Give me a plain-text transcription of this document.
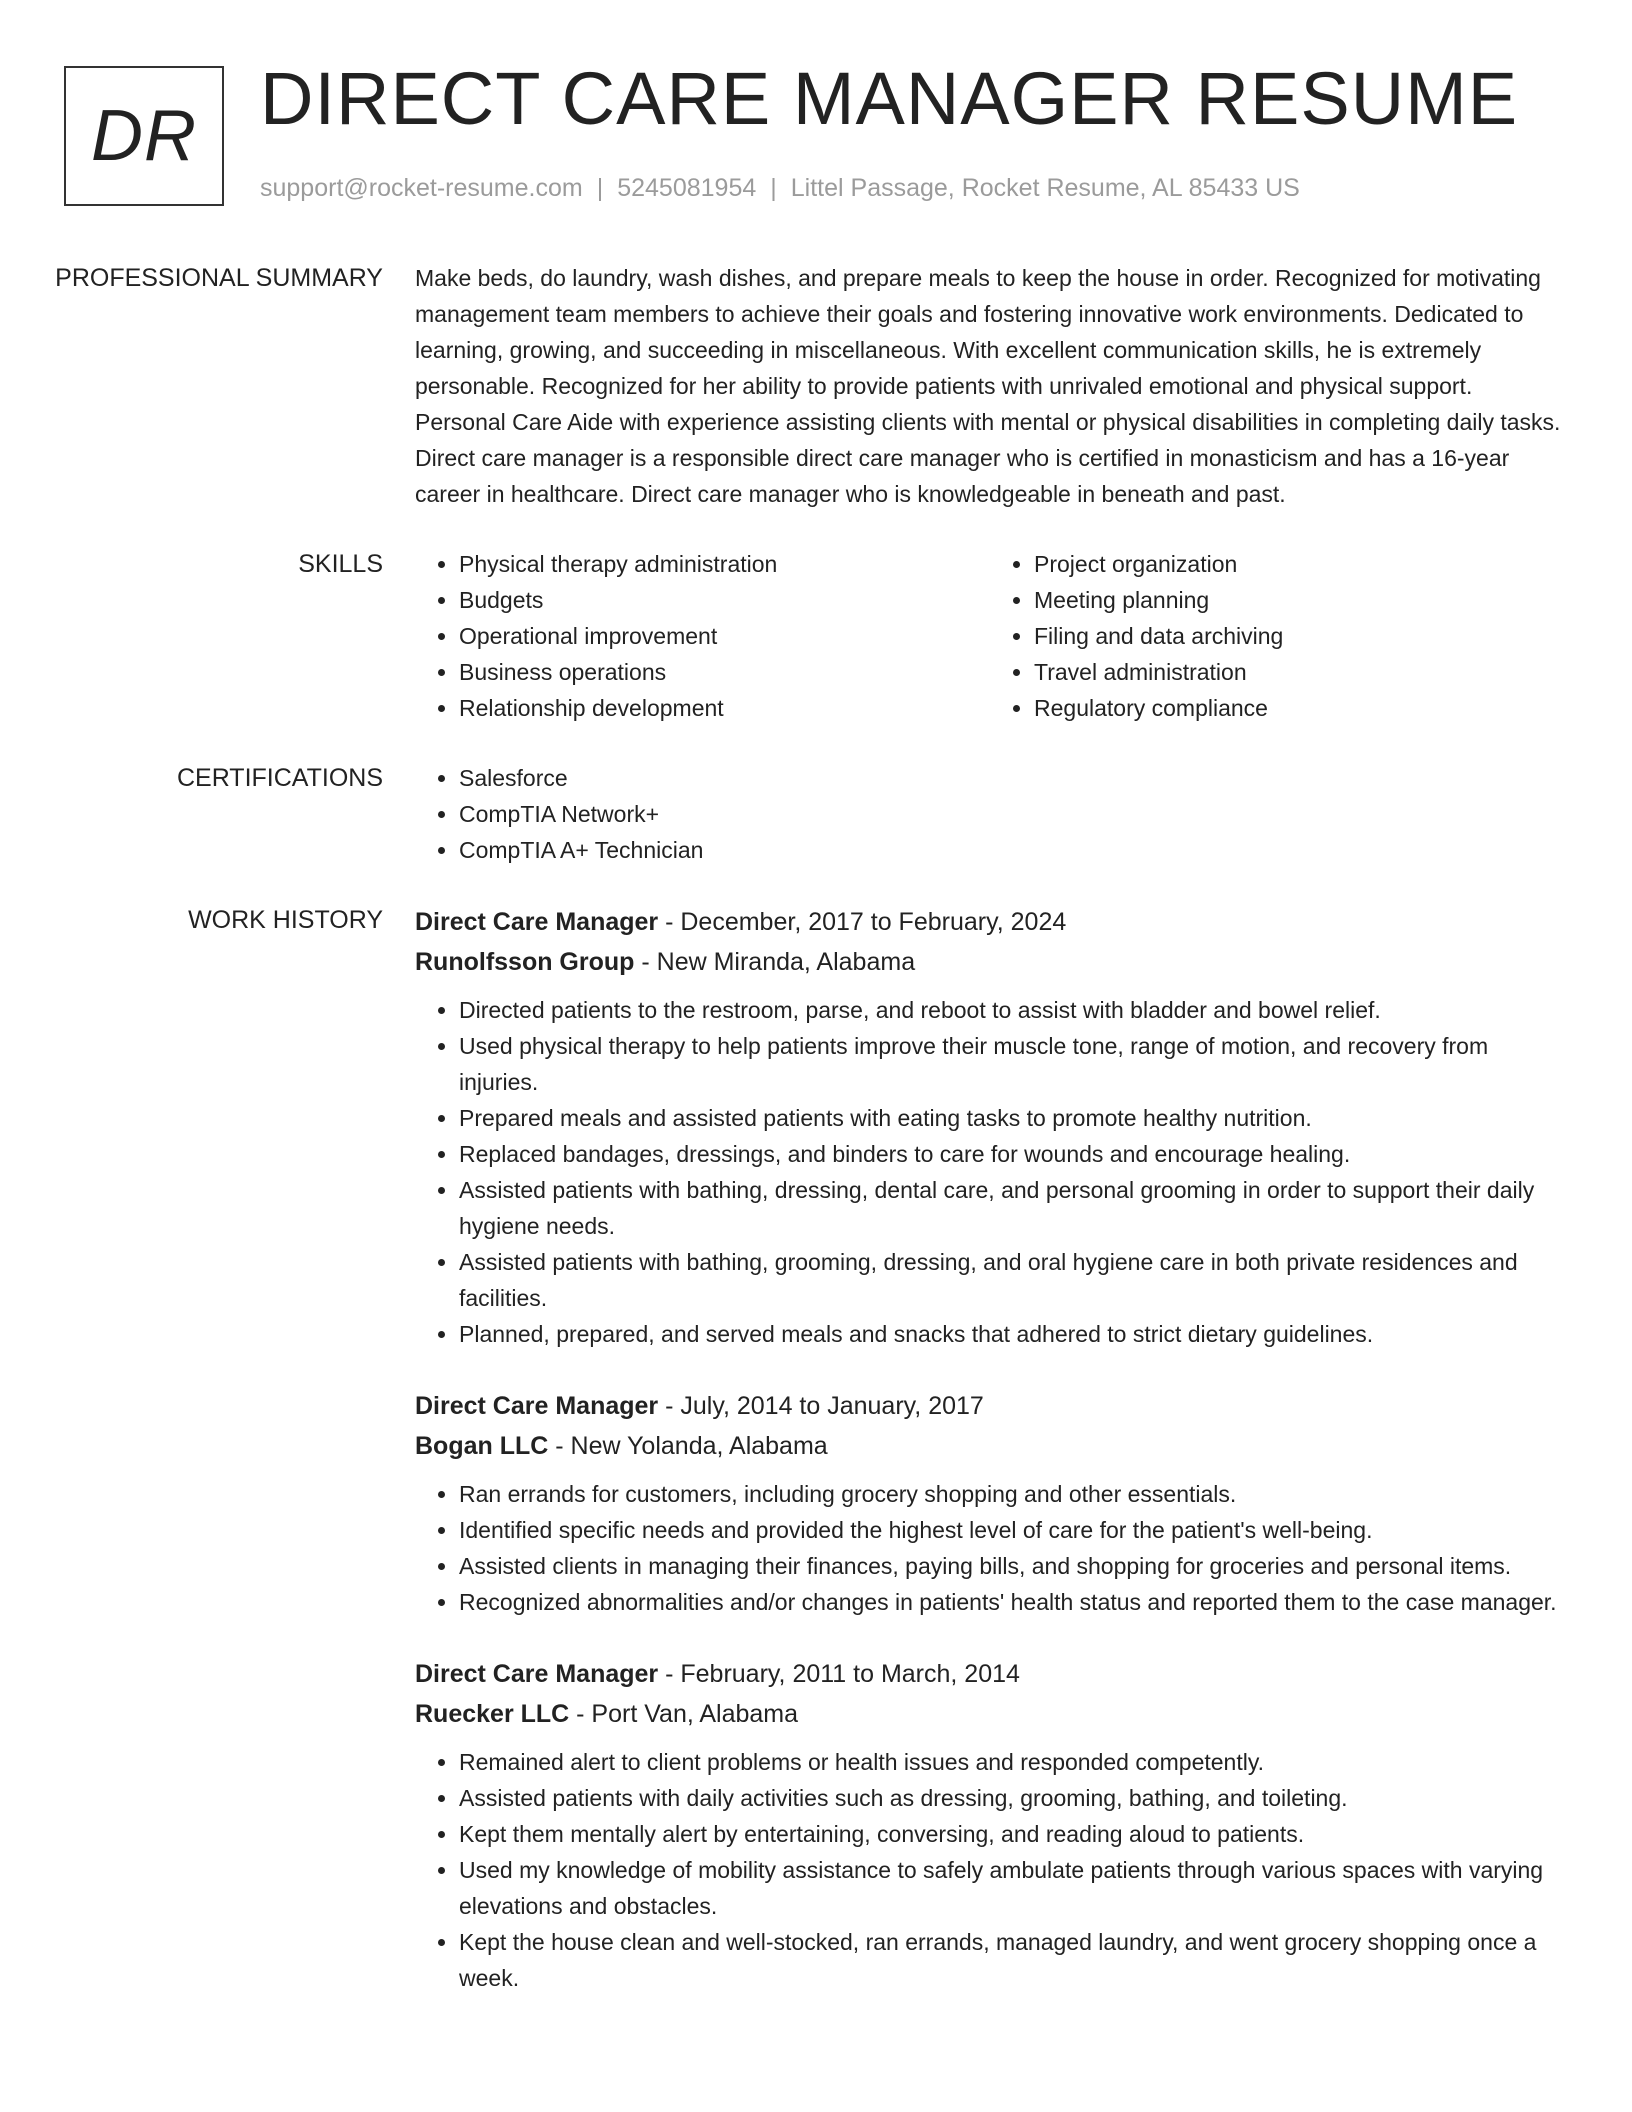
DR DIRECT CARE MANAGER RESUME
support@rocket-resume.com | 5245081954 | Littel Passage, Rocket Resume, AL 85433 US
PROFESSIONAL SUMMARY	Make beds, do laundry, wash dishes, and prepare meals to keep the house in order. Recognized for motivating management team members to achieve their goals and fostering innovative work environments. Dedicated to learning, growing, and succeeding in miscellaneous. With excellent communication skills, he is extremely personable. Recognized for her ability to provide patients with unrivaled emotional and physical support. Personal Care Aide with experience assisting clients with mental or physical disabilities in completing daily tasks. Direct care manager is a responsible direct care manager who is certified in monasticism and has a 16-year career in healthcare. Direct care manager who is knowledgeable in beneath and past.

SKILLS	• Physical therapy administration
• Budgets
• Operational improvement
• Business operations
• Relationship development
• Project organization
• Meeting planning
• Filing and data archiving
• Travel administration
• Regulatory compliance
CERTIFICATIONS	• Salesforce
• CompTIA Network+
• CompTIA A+ Technician
WORK HISTORY	Direct Care Manager - December, 2017 to February, 2024
Runolfsson Group - New Miranda, Alabama
• Directed patients to the restroom, parse, and reboot to assist with bladder and bowel relief.
• Used physical therapy to help patients improve their muscle tone, range of motion, and recovery from injuries.
• Prepared meals and assisted patients with eating tasks to promote healthy nutrition.
• Replaced bandages, dressings, and binders to care for wounds and encourage healing.
• Assisted patients with bathing, dressing, dental care, and personal grooming in order to support their daily hygiene needs.
• Assisted patients with bathing, grooming, dressing, and oral hygiene care in both private residences and facilities.
• Planned, prepared, and served meals and snacks that adhered to strict dietary guidelines.
Direct Care Manager - July, 2014 to January, 2017
Bogan LLC - New Yolanda, Alabama
• Ran errands for customers, including grocery shopping and other essentials.
• Identified specific needs and provided the highest level of care for the patient's well-being.
• Assisted clients in managing their finances, paying bills, and shopping for groceries and personal items.
• Recognized abnormalities and/or changes in patients' health status and reported them to the case manager.
Direct Care Manager - February, 2011 to March, 2014
Ruecker LLC - Port Van, Alabama
• Remained alert to client problems or health issues and responded competently.
• Assisted patients with daily activities such as dressing, grooming, bathing, and toileting.
• Kept them mentally alert by entertaining, conversing, and reading aloud to patients.
• Used my knowledge of mobility assistance to safely ambulate patients through various spaces with varying elevations and obstacles.
• Kept the house clean and well-stocked, ran errands, managed laundry, and went grocery shopping once a week.
